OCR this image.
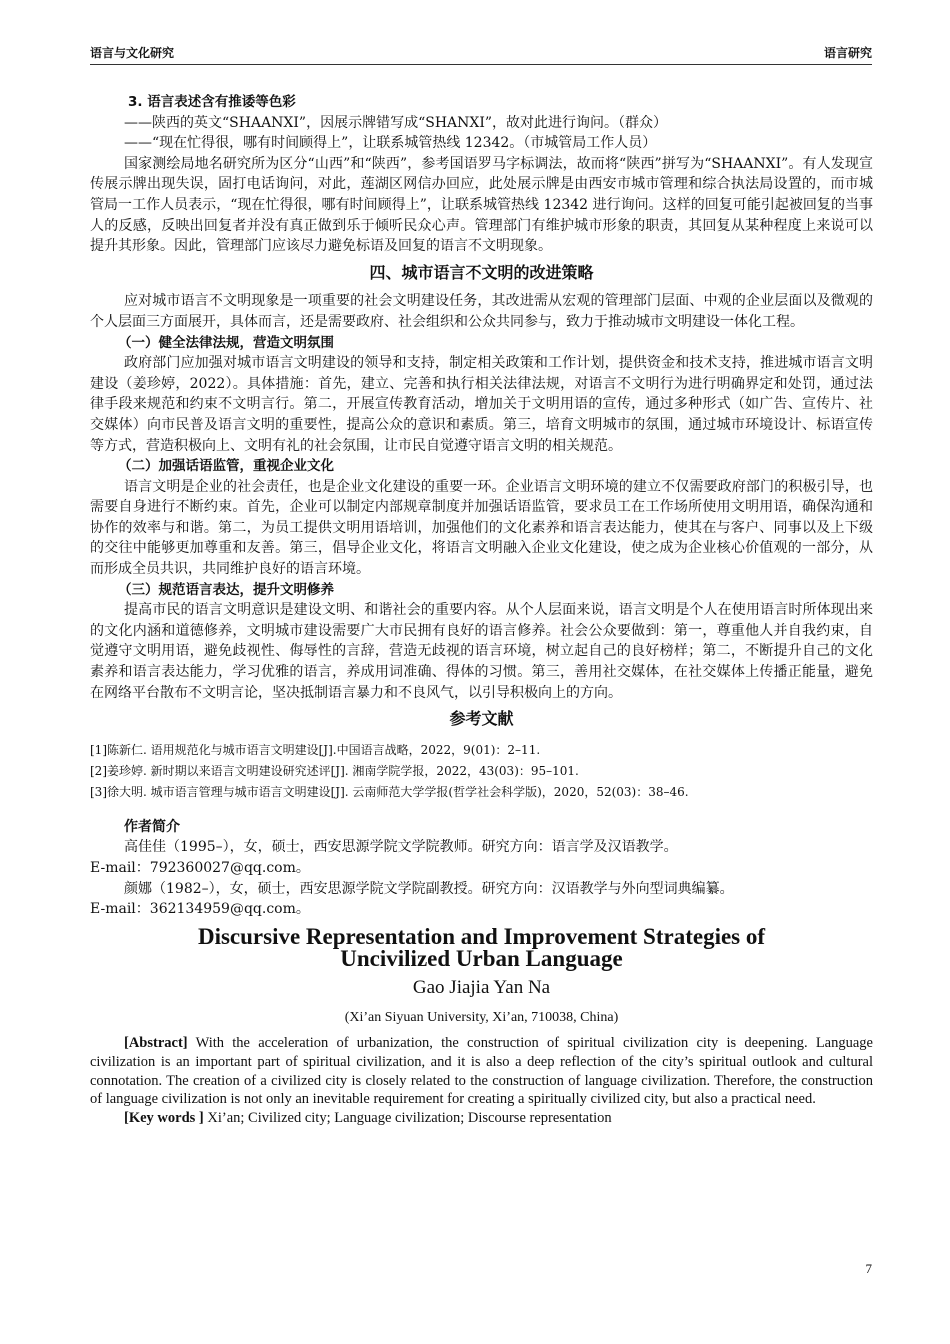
语言与文化研究	语言研究

3. 语言表述含有推诿等色彩

——陕西的英文“SHAANXI”，因展示牌错写成“SHANXI”，故对此进行询问。（群众）

——“现在忙得很，哪有时间顾得上”，让联系城管热线 12342。（市城管局工作人员）

国家测绘局地名研究所为区分“山西”和“陕西”，参考国语罗马字标调法，故而将“陕西”拼写为“SHAANXI”。有人发现宣传展示牌出现失误，固打电话询问，对此，莲湖区网信办回应，此处展示牌是由西安市城市管理和综合执法局设置的，而市城管局一工作人员表示，“现在忙得很，哪有时间顾得上”，让联系城管热线 12342 进行询问。这样的回复可能引起被回复的当事人的反感，反映出回复者并没有真正做到乐于倾听民众心声。管理部门有维护城市形象的职责，其回复从某种程度上来说可以提升其形象。因此，管理部门应该尽力避免标语及回复的语言不文明现象。

四、城市语言不文明的改进策略

应对城市语言不文明现象是一项重要的社会文明建设任务，其改进需从宏观的管理部门层面、中观的企业层面以及微观的个人层面三方面展开，具体而言，还是需要政府、社会组织和公众共同参与，致力于推动城市文明建设一体化工程。

（一）健全法律法规，营造文明氛围

政府部门应加强对城市语言文明建设的领导和支持，制定相关政策和工作计划，提供资金和技术支持，推进城市语言文明建设（姜珍婷，2022）。具体措施：首先，建立、完善和执行相关法律法规，对语言不文明行为进行明确界定和处罚，通过法律手段来规范和约束不文明言行。第二，开展宣传教育活动，增加关于文明用语的宣传，通过多种形式（如广告、宣传片、社交媒体）向市民普及语言文明的重要性，提高公众的意识和素质。第三，培育文明城市的氛围，通过城市环境设计、标语宣传等方式，营造积极向上、文明有礼的社会氛围，让市民自觉遵守语言文明的相关规范。

（二）加强话语监管，重视企业文化

语言文明是企业的社会责任，也是企业文化建设的重要一环。企业语言文明环境的建立不仅需要政府部门的积极引导，也需要自身进行不断约束。首先，企业可以制定内部规章制度并加强话语监管，要求员工在工作场所使用文明用语，确保沟通和协作的效率与和谐。第二，为员工提供文明用语培训，加强他们的文化素养和语言表达能力，使其在与客户、同事以及上下级的交往中能够更加尊重和友善。第三，倡导企业文化，将语言文明融入企业文化建设，使之成为企业核心价值观的一部分，从而形成全员共识，共同维护良好的语言环境。

（三）规范语言表达，提升文明修养

提高市民的语言文明意识是建设文明、和谐社会的重要内容。从个人层面来说，语言文明是个人在使用语言时所体现出来的文化内涵和道德修养，文明城市建设需要广大市民拥有良好的语言修养。社会公众要做到：第一，尊重他人并自我约束，自觉遵守文明用语，避免歧视性、侮辱性的言辞，营造无歧视的语言环境，树立起自己的良好榜样；第二，不断提升自己的文化素养和语言表达能力，学习优雅的语言，养成用词准确、得体的习惯。第三，善用社交媒体，在社交媒体上传播正能量，避免在网络平台散布不文明言论，坚决抵制语言暴力和不良风气，以引导积极向上的方向。

参考文献

[1]陈新仁. 语用规范化与城市语言文明建设[J].中国语言战略，2022，9(01)：2–11.

[2]姜珍婷. 新时期以来语言文明建设研究述评[J]. 湘南学院学报，2022，43(03)：95–101.

[3]徐大明. 城市语言管理与城市语言文明建设[J]. 云南师范大学学报(哲学社会科学版)，2020，52(03)：38–46.

作者简介

高佳佳（1995–），女，硕士，西安思源学院文学院教师。研究方向：语言学及汉语教学。

E-mail：792360027@qq.com。

颜娜（1982–），女，硕士，西安思源学院文学院副教授。研究方向：汉语教学与外向型词典编纂。

E-mail：362134959@qq.com。

Discursive Representation and Improvement Strategies of Uncivilized Urban Language

Gao Jiajia Yan Na

(Xi’an Siyuan University, Xi’an, 710038, China)

[Abstract] With the acceleration of urbanization, the construction of spiritual civilization city is deepening. Language civilization is an important part of spiritual civilization, and it is also a deep reflection of the city’s spiritual outlook and cultural connotation. The creation of a civilized city is closely related to the construction of language civilization. Therefore, the construction of language civilization is not only an inevitable requirement for creating a spiritually civilized city, but also a practical need.

[Key words ] Xi’an; Civilized city; Language civilization; Discourse representation

7
